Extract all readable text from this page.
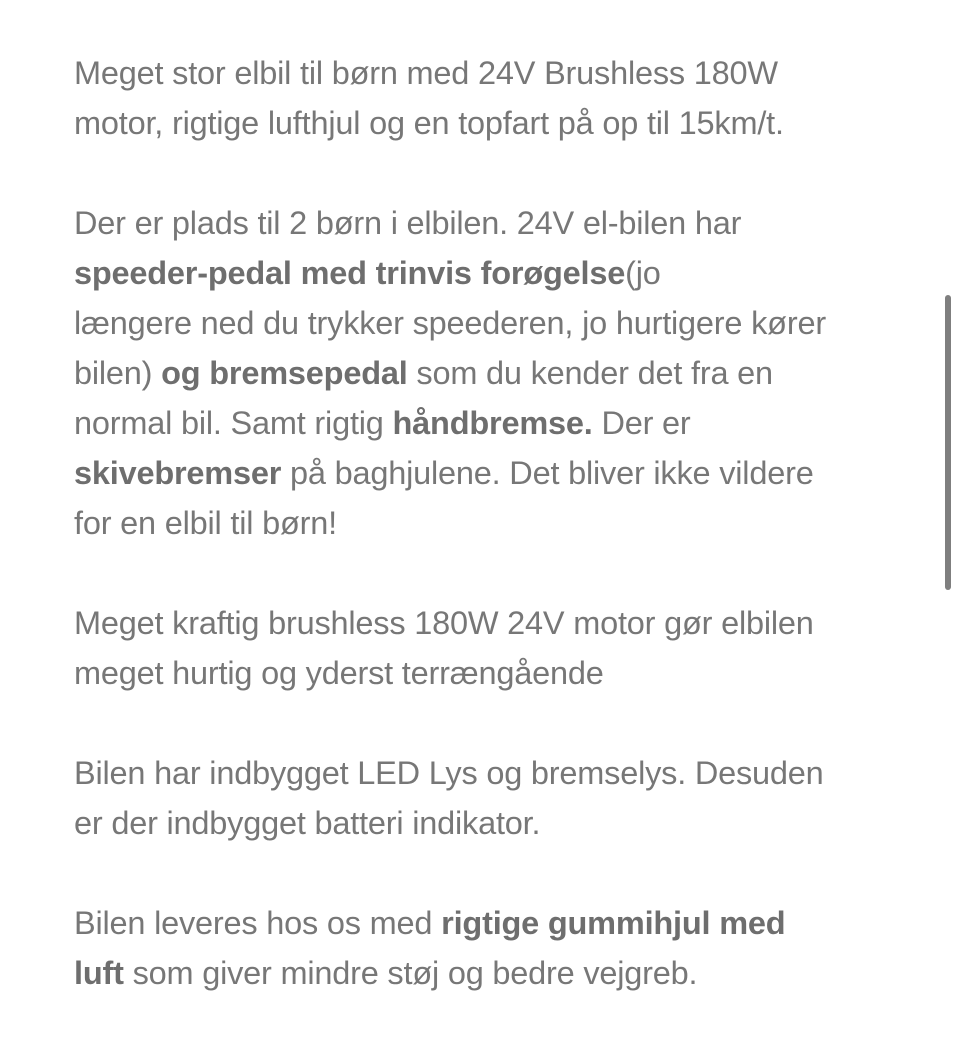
Meget stor elbil til børn med 24V Brushless 180W
motor, rigtige lufthjul og en topfart på op til 15km/t.

Der er plads til 2 børn i elbilen. 24V el-bilen har
speeder-pedal med trinvis forøgelse(jo
længere ned du trykker speederen, jo hurtigere kører
bilen) og bremsepedal som du kender det fra en
normal bil. Samt rigtig håndbremse. Der er
skivebremser på baghjulene. Det bliver ikke vildere
for en elbil til børn!

Meget kraftig brushless 180W 24V motor gør elbilen
meget hurtig og yderst terrængående

Bilen har indbygget LED Lys og bremselys. Desuden
er der indbygget batteri indikator.

Bilen leveres hos os med rigtige gummihjul med
luft som giver mindre støj og bedre vejgreb.
